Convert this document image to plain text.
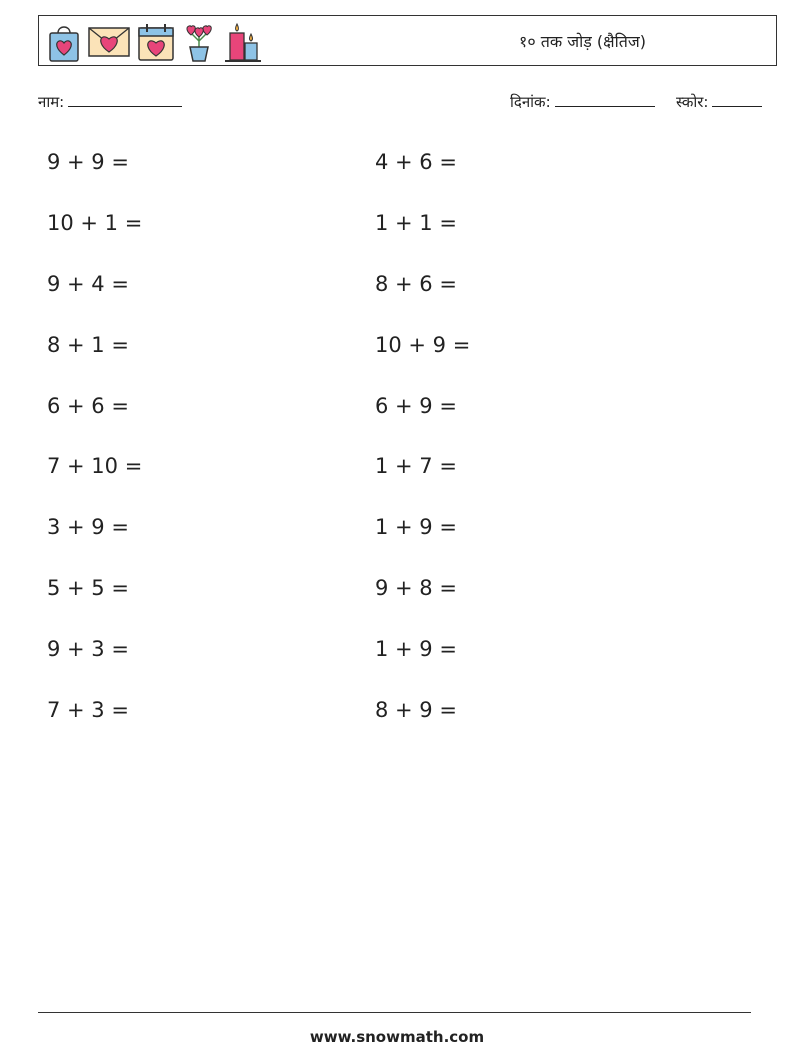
१० तक जोड़ (क्षैतिज)
नाम:	दिनांक:	स्कोर:
9 + 9 =
10 + 1 =
9 + 4 =
8 + 1 =
6 + 6 =
7 + 10 =
3 + 9 =
5 + 5 =
9 + 3 =
7 + 3 =
4 + 6 =
1 + 1 =
8 + 6 =
10 + 9 =
6 + 9 =
1 + 7 =
1 + 9 =
9 + 8 =
1 + 9 =
8 + 9 =
www.snowmath.com
